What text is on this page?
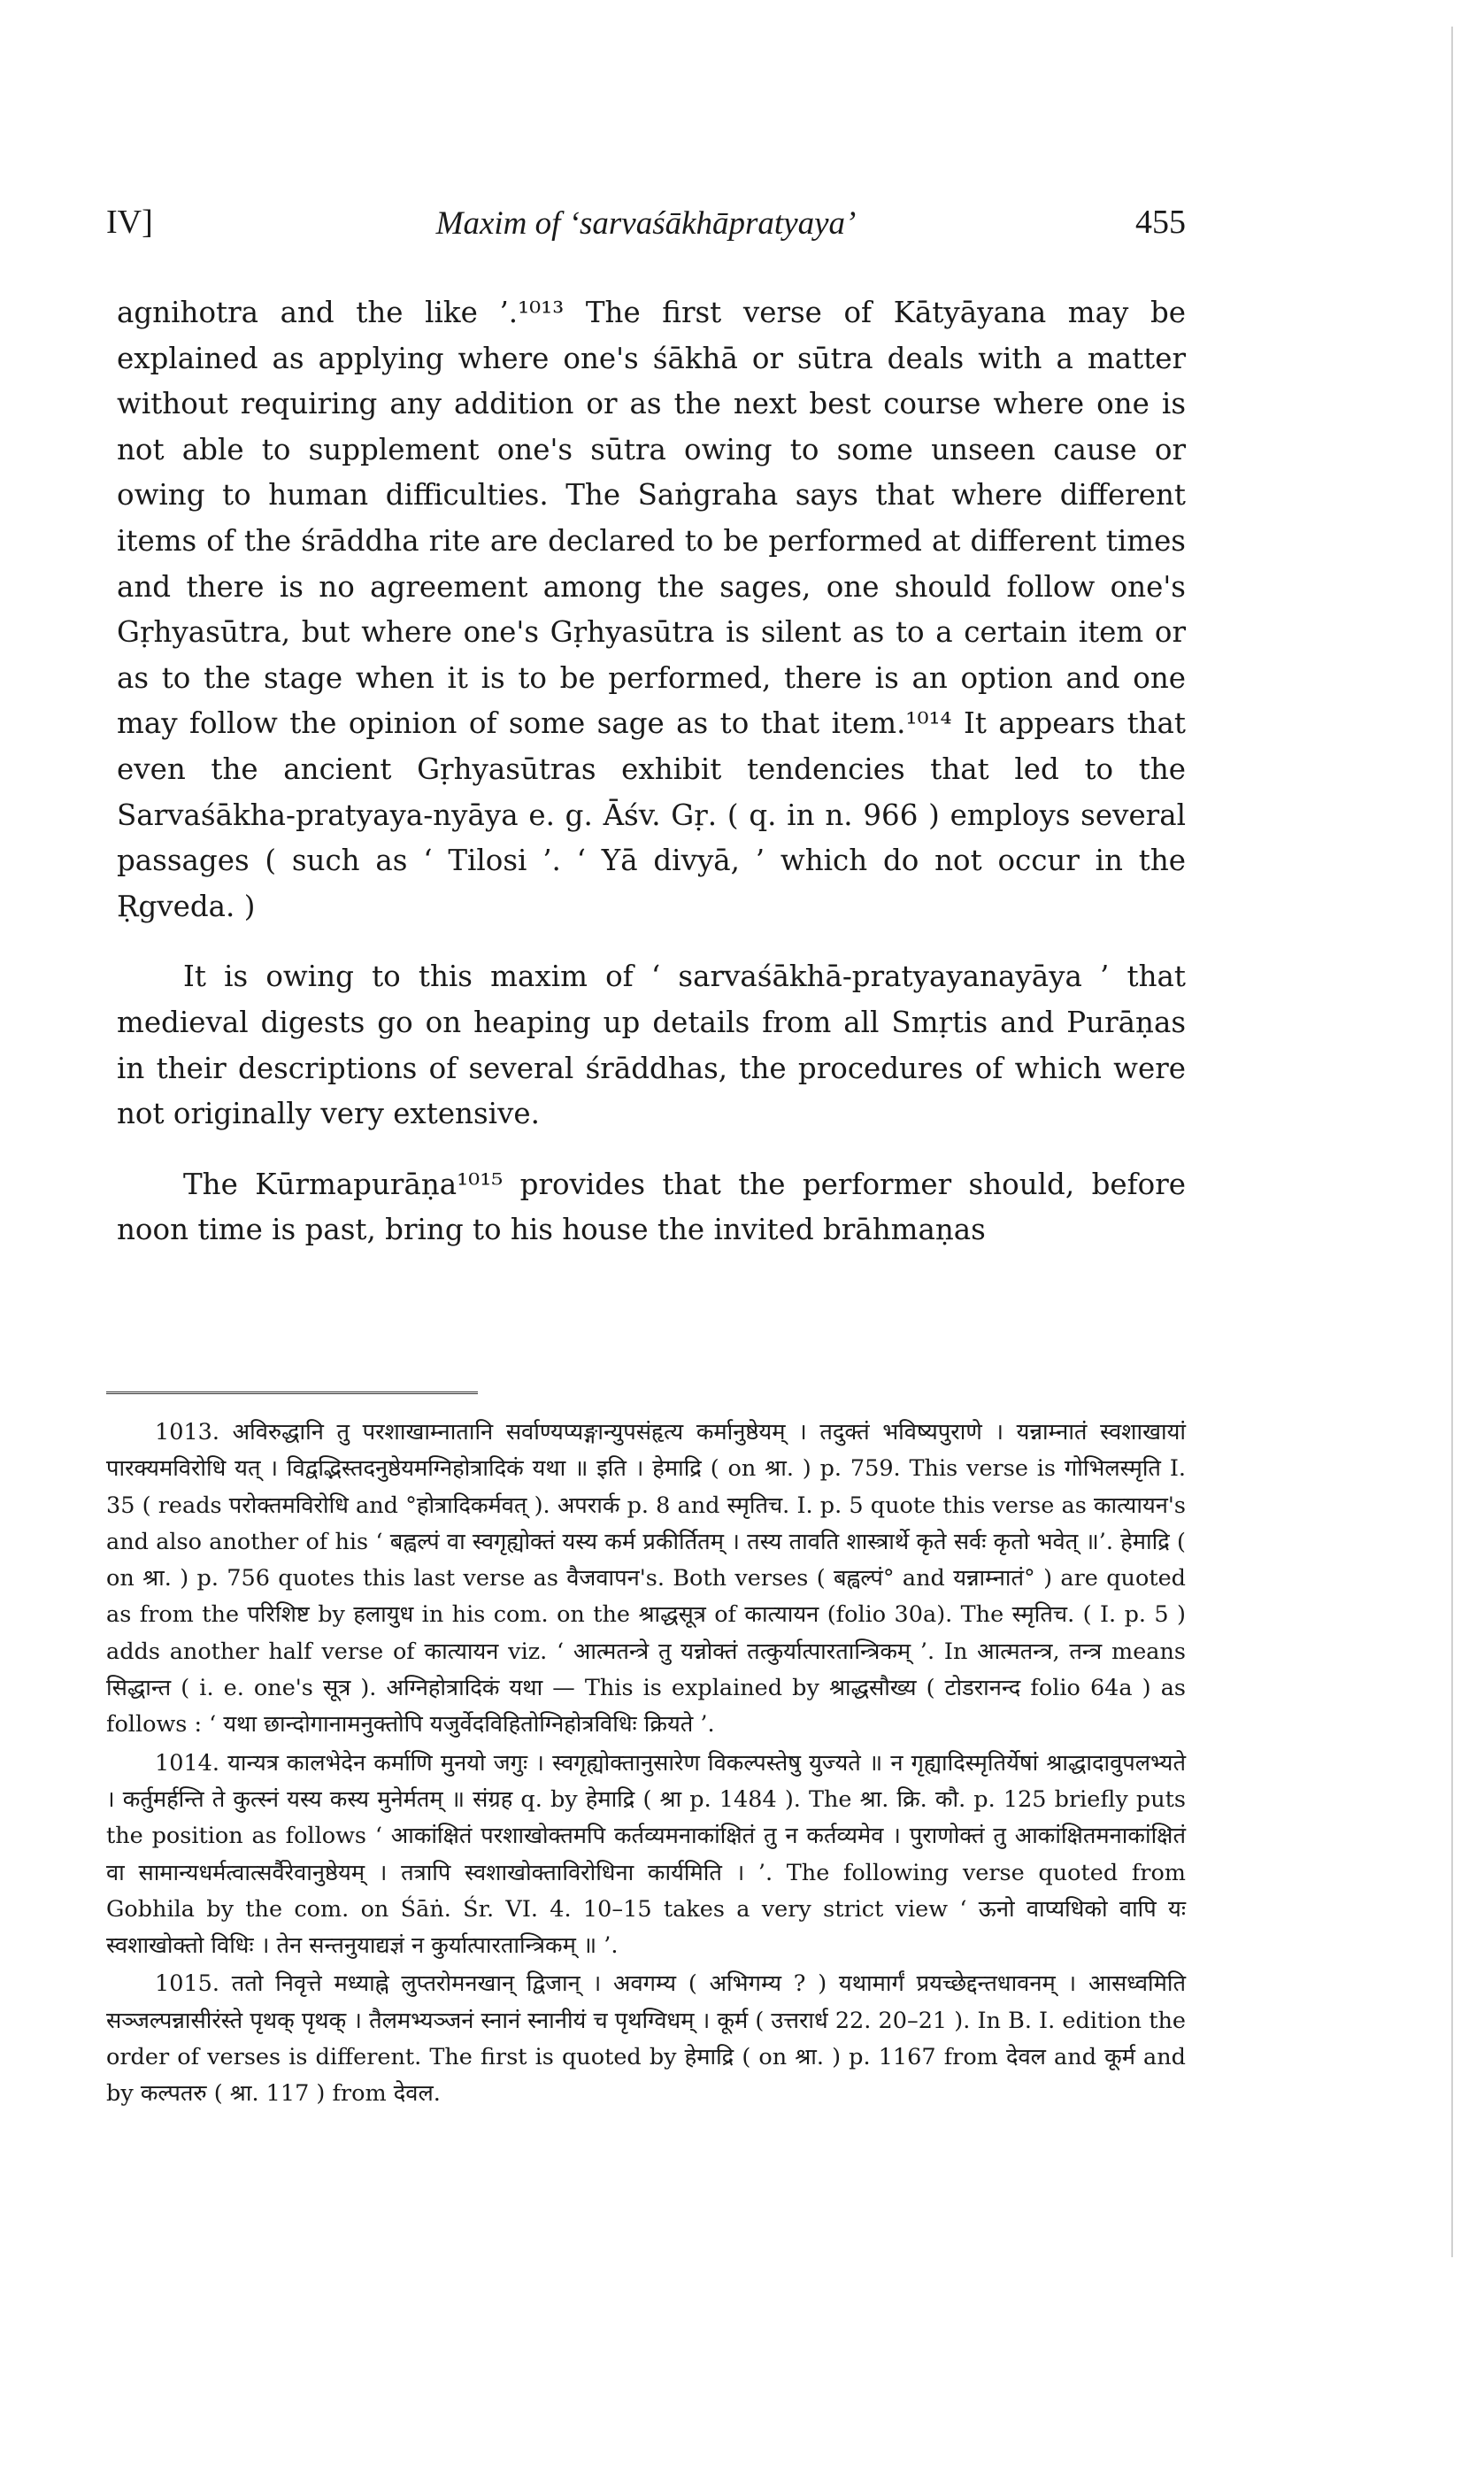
IV]	Maxim of ‘sarvaśākhāpratyaya’	455

agnihotra and the like ’.¹⁰¹³ The first verse of Kātyāyana may be explained as applying where one's śākhā or sūtra deals with a matter without requiring any addition or as the next best course where one is not able to supplement one's sūtra owing to some unseen cause or owing to human difficulties. The Saṅgraha says that where different items of the śrāddha rite are declared to be performed at different times and there is no agreement among the sages, one should follow one's Gṛhyasūtra, but where one's Gṛhyasūtra is silent as to a certain item or as to the stage when it is to be performed, there is an option and one may follow the opinion of some sage as to that item.¹⁰¹⁴ It appears that even the ancient Gṛhyasūtras exhibit tendencies that led to the Sarvaśākha-pratyaya-nyāya e. g. Āśv. Gṛ. ( q. in n. 966 ) employs several passages ( such as ‘ Tilosi ’. ‘ Yā divyā, ’ which do not occur in the Ṛgveda. )

It is owing to this maxim of ‘ sarvaśākhā-pratyayanayāya ’ that medieval digests go on heaping up details from all Smṛtis and Purāṇas in their descriptions of several śrāddhas, the procedures of which were not originally very extensive.

The Kūrmapurāṇa¹⁰¹⁵ provides that the performer should, before noon time is past, bring to his house the invited brāhmaṇas

1013. अविरुद्धानि तु परशाखाम्नातानि सर्वाण्यप्यङ्गान्युपसंहृत्य कर्मानुष्ठेयम् । तदुक्तं भविष्यपुराणे । यन्नाम्नातं स्वशाखायां पारक्यमविरोधि यत् । विद्वद्भिस्तदनुष्ठेयमग्निहोत्रादिकं यथा ॥ इति । हेमाद्रि ( on श्रा. ) p. 759. This verse is गोभिलस्मृति I. 35 ( reads परोक्तमविरोधि and °होत्रादिकर्मवत् ). अपरार्क p. 8 and स्मृतिच. I. p. 5 quote this verse as कात्यायन's and also another of his ‘ बह्वल्पं वा स्वगृह्योक्तं यस्य कर्म प्रकीर्तितम् । तस्य तावति शास्त्रार्थे कृते सर्वः कृतो भवेत् ॥’. हेमाद्रि ( on श्रा. ) p. 756 quotes this last verse as वैजवापन's. Both verses ( बह्वल्पं° and यन्नाम्नातं° ) are quoted as from the परिशिष्ट by हलायुध in his com. on the श्राद्धसूत्र of कात्यायन (folio 30a). The स्मृतिच. ( I. p. 5 ) adds another half verse of कात्यायन viz. ‘ आत्मतन्त्रे तु यन्नोक्तं तत्कुर्यात्पारतान्त्रिकम् ’. In आत्मतन्त्र, तन्त्र means सिद्धान्त ( i. e. one's सूत्र ). अग्निहोत्रादिकं यथा — This is explained by श्राद्धसौख्य ( टोडरानन्द folio 64a ) as follows : ‘ यथा छान्दोगानामनुक्तोपि यजुर्वेदविहितोग्निहोत्रविधिः क्रियते ’.

1014. यान्यत्र कालभेदेन कर्माणि मुनयो जगुः । स्वगृह्योक्तानुसारेण विकल्पस्तेषु युज्यते ॥ न गृह्यादिस्मृतिर्येषां श्राद्धादावुपलभ्यते । कर्तुमर्हन्ति ते कुत्स्नं यस्य कस्य मुनेर्मतम् ॥ संग्रह q. by हेमाद्रि ( श्रा p. 1484 ). The श्रा. क्रि. कौ. p. 125 briefly puts the position as follows ‘ आकांक्षितं परशाखोक्तमपि कर्तव्यमनाकांक्षितं तु न कर्तव्यमेव । पुराणोक्तं तु आकांक्षितमनाकांक्षितं वा सामान्यधर्मत्वात्सर्वैरेवानुष्ठेयम् । तत्रापि स्वशाखोक्ताविरोधिना कार्यमिति । ’. The following verse quoted from Gobhila by the com. on Śāṅ. Śr. VI. 4. 10–15 takes a very strict view ‘ ऊनो वाप्यधिको वापि यः स्वशाखोक्तो विधिः । तेन सन्तनुयाद्यज्ञं न कुर्यात्पारतान्त्रिकम् ॥ ’.

1015. ततो निवृत्ते मध्याह्ने लुप्तरोमनखान् द्विजान् । अवगम्य ( अभिगम्य ? ) यथामार्गं प्रयच्छेद्दन्तधावनम् । आसध्वमिति सञ्जल्पन्नासीरंस्ते पृथक् पृथक् । तैलमभ्यञ्जनं स्नानं स्नानीयं च पृथग्विधम् । कूर्म ( उत्तरार्ध 22. 20–21 ). In B. I. edition the order of verses is different. The first is quoted by हेमाद्रि ( on श्रा. ) p. 1167 from देवल and कूर्म and by कल्पतरु ( श्रा. 117 ) from देवल.
